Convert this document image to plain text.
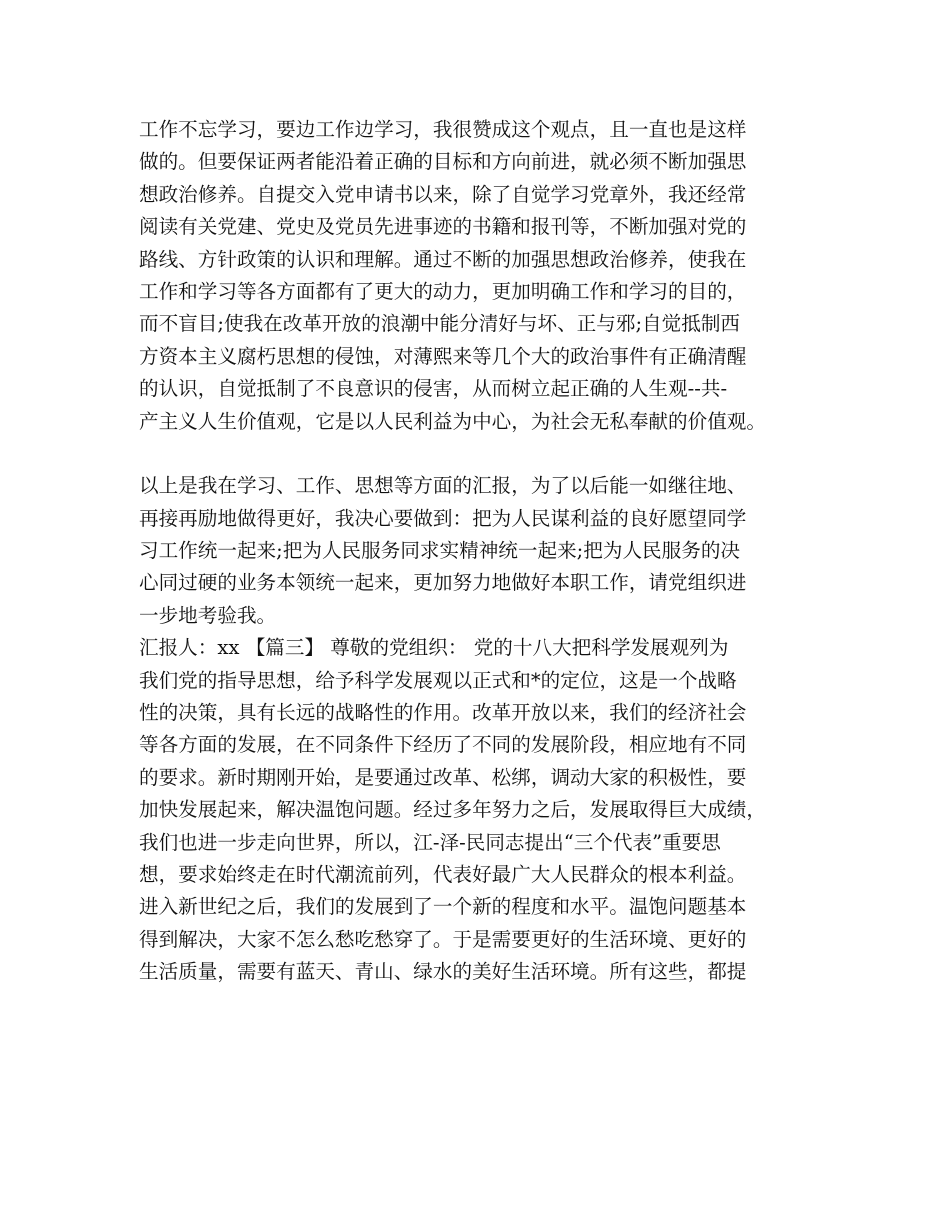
工作不忘学习，要边工作边学习，我很赞成这个观点，且一直也是这样
做的。但要保证两者能沿着正确的目标和方向前进，就必须不断加强思
想政治修养。自提交入党申请书以来，除了自觉学习党章外，我还经常
阅读有关党建、党史及党员先进事迹的书籍和报刊等，不断加强对党的
路线、方针政策的认识和理解。通过不断的加强思想政治修养，使我在
工作和学习等各方面都有了更大的动力，更加明确工作和学习的目的，
而不盲目;使我在改革开放的浪潮中能分清好与坏、正与邪;自觉抵制西
方资本主义腐朽思想的侵蚀，对薄熙来等几个大的政治事件有正确清醒
的认识，自觉抵制了不良意识的侵害，从而树立起正确的人生观--共-
产主义人生价值观，它是以人民利益为中心，为社会无私奉献的价值观。
以上是我在学习、工作、思想等方面的汇报，为了以后能一如继往地、
再接再励地做得更好，我决心要做到：把为人民谋利益的良好愿望同学
习工作统一起来;把为人民服务同求实精神统一起来;把为人民服务的决
心同过硬的业务本领统一起来，更加努力地做好本职工作，请党组织进
一步地考验我。
汇报人：xx 【篇三】 尊敬的党组织： 党的十八大把科学发展观列为
我们党的指导思想，给予科学发展观以正式和*的定位，这是一个战略
性的决策，具有长远的战略性的作用。改革开放以来，我们的经济社会
等各方面的发展，在不同条件下经历了不同的发展阶段，相应地有不同
的要求。新时期刚开始，是要通过改革、松绑，调动大家的积极性，要
加快发展起来，解决温饱问题。经过多年努力之后，发展取得巨大成绩，
我们也进一步走向世界，所以，江-泽-民同志提出“三个代表”重要思
想，要求始终走在时代潮流前列，代表好最广大人民群众的根本利益。
进入新世纪之后，我们的发展到了一个新的程度和水平。温饱问题基本
得到解决，大家不怎么愁吃愁穿了。于是需要更好的生活环境、更好的
生活质量，需要有蓝天、青山、绿水的美好生活环境。所有这些，都提
